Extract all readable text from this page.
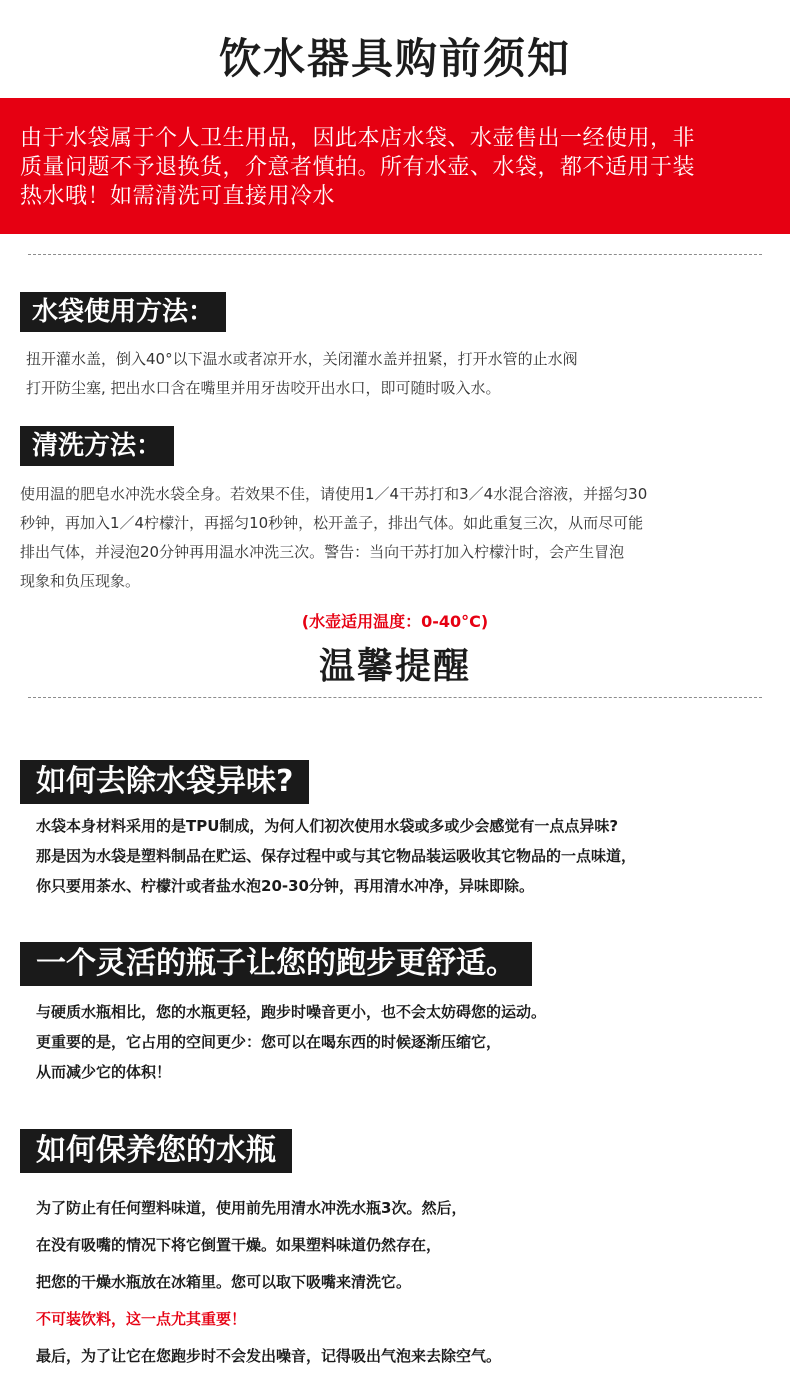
饮水器具购前须知

由于水袋属于个人卫生用品，因此本店水袋、水壶售出一经使用，非
质量问题不予退换货，介意者慎拍。所有水壶、水袋，都不适用于装
热水哦！如需清洗可直接用冷水

水袋使用方法：
扭开灌水盖，倒入40°以下温水或者凉开水，关闭灌水盖并扭紧，打开水管的止水阀
打开防尘塞, 把出水口含在嘴里并用牙齿咬开出水口，即可随时吸入水。
清洗方法：
使用温的肥皂水冲洗水袋全身。若效果不佳，请使用1／4干苏打和3／4水混合溶液，并摇匀30
秒钟，再加入1／4柠檬汁，再摇匀10秒钟，松开盖子，排出气体。如此重复三次，从而尽可能
排出气体，并浸泡20分钟再用温水冲洗三次。警告：当向干苏打加入柠檬汁时，会产生冒泡
现象和负压现象。
(水壶适用温度：0-40°C)
温馨提醒
如何去除水袋异味?
水袋本身材料采用的是TPU制成，为何人们初次使用水袋或多或少会感觉有一点点异味?
那是因为水袋是塑料制品在贮运、保存过程中或与其它物品装运吸收其它物品的一点味道，
你只要用茶水、柠檬汁或者盐水泡20-30分钟，再用清水冲净，异味即除。
一个灵活的瓶子让您的跑步更舒适。
与硬质水瓶相比，您的水瓶更轻，跑步时噪音更小，也不会太妨碍您的运动。
更重要的是，它占用的空间更少：您可以在喝东西的时候逐渐压缩它，
从而减少它的体积！
如何保养您的水瓶
为了防止有任何塑料味道，使用前先用清水冲洗水瓶3次。然后，
在没有吸嘴的情况下将它倒置干燥。如果塑料味道仍然存在，
把您的干燥水瓶放在冰箱里。您可以取下吸嘴来清洗它。
不可装饮料，这一点尤其重要！
最后，为了让它在您跑步时不会发出噪音，记得吸出气泡来去除空气。
